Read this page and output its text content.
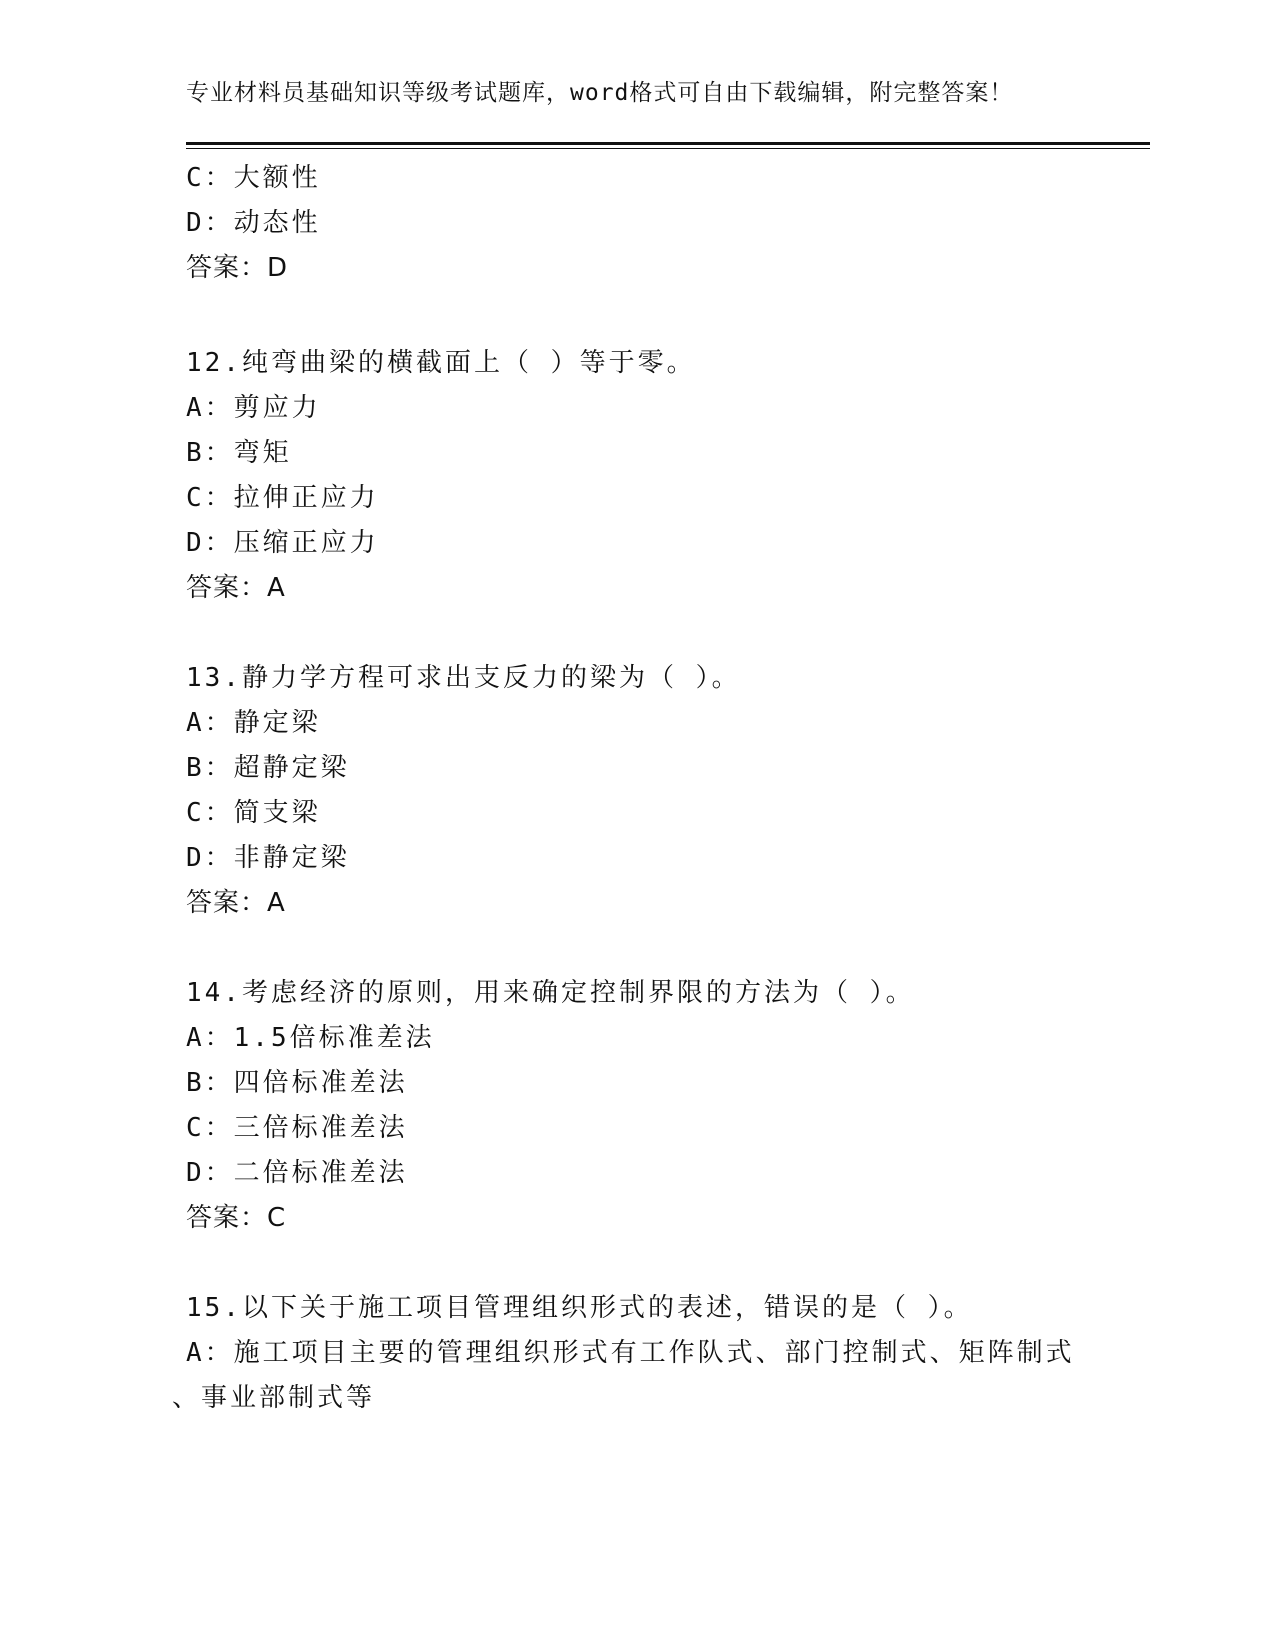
专业材料员基础知识等级考试题库，word格式可自由下载编辑，附完整答案！
C：大额性
D：动态性
答案：D
12.纯弯曲梁的横截面上（ ）等于零。
A：剪应力
B：弯矩
C：拉伸正应力
D：压缩正应力
答案：A
13.静力学方程可求出支反力的梁为（ ）。
A：静定梁
B：超静定梁
C：简支梁
D：非静定梁
答案：A
14.考虑经济的原则，用来确定控制界限的方法为（ ）。
A：1.5倍标准差法
B：四倍标准差法
C：三倍标准差法
D：二倍标准差法
答案：C
15.以下关于施工项目管理组织形式的表述，错误的是（ ）。
A：施工项目主要的管理组织形式有工作队式、部门控制式、矩阵制式
、事业部制式等
